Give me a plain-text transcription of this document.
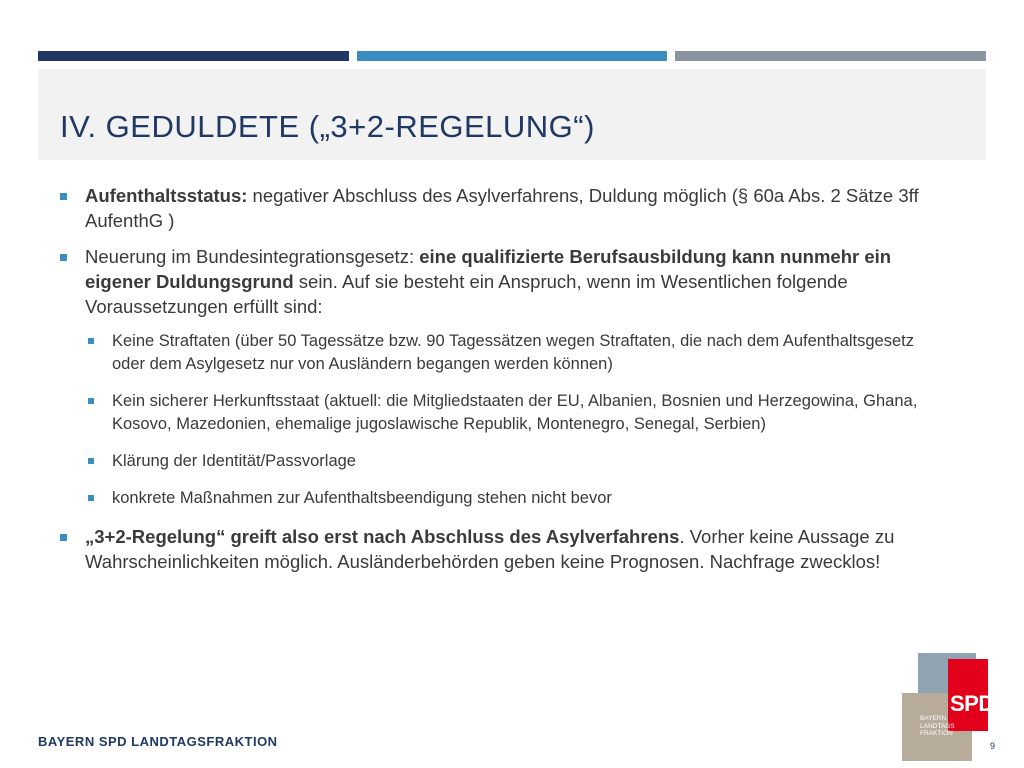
IV. GEDULDETE („3+2-REGELUNG“)
Aufenthaltsstatus: negativer Abschluss des Asylverfahrens, Duldung möglich (§ 60a Abs. 2 Sätze 3ff AufenthG )
Neuerung im Bundesintegrationsgesetz: eine qualifizierte Berufsausbildung kann nunmehr ein eigener Duldungsgrund sein. Auf sie besteht ein Anspruch, wenn im Wesentlichen folgende Voraussetzungen erfüllt sind:
Keine Straftaten (über 50 Tagessätze bzw. 90 Tagessätzen wegen Straftaten, die nach dem Aufenthaltsgesetz oder dem Asylgesetz nur von Ausländern begangen werden können)
Kein sicherer Herkunftsstaat (aktuell: die Mitgliedstaaten der EU, Albanien, Bosnien und Herzegowina, Ghana, Kosovo, Mazedonien, ehemalige jugoslawische Republik, Montenegro, Senegal, Serbien)
Klärung der Identität/Passvorlage
konkrete Maßnahmen zur Aufenthaltsbeendigung stehen nicht bevor
„3+2-Regelung“ greift also erst nach Abschluss des Asylverfahrens. Vorher keine Aussage zu Wahrscheinlichkeiten möglich. Ausländerbehörden geben keine Prognosen. Nachfrage zwecklos!
BAYERN SPD LANDTAGSFRAKTION	9
SPD
BAYERN
LANDTAGS
FRAKTION
